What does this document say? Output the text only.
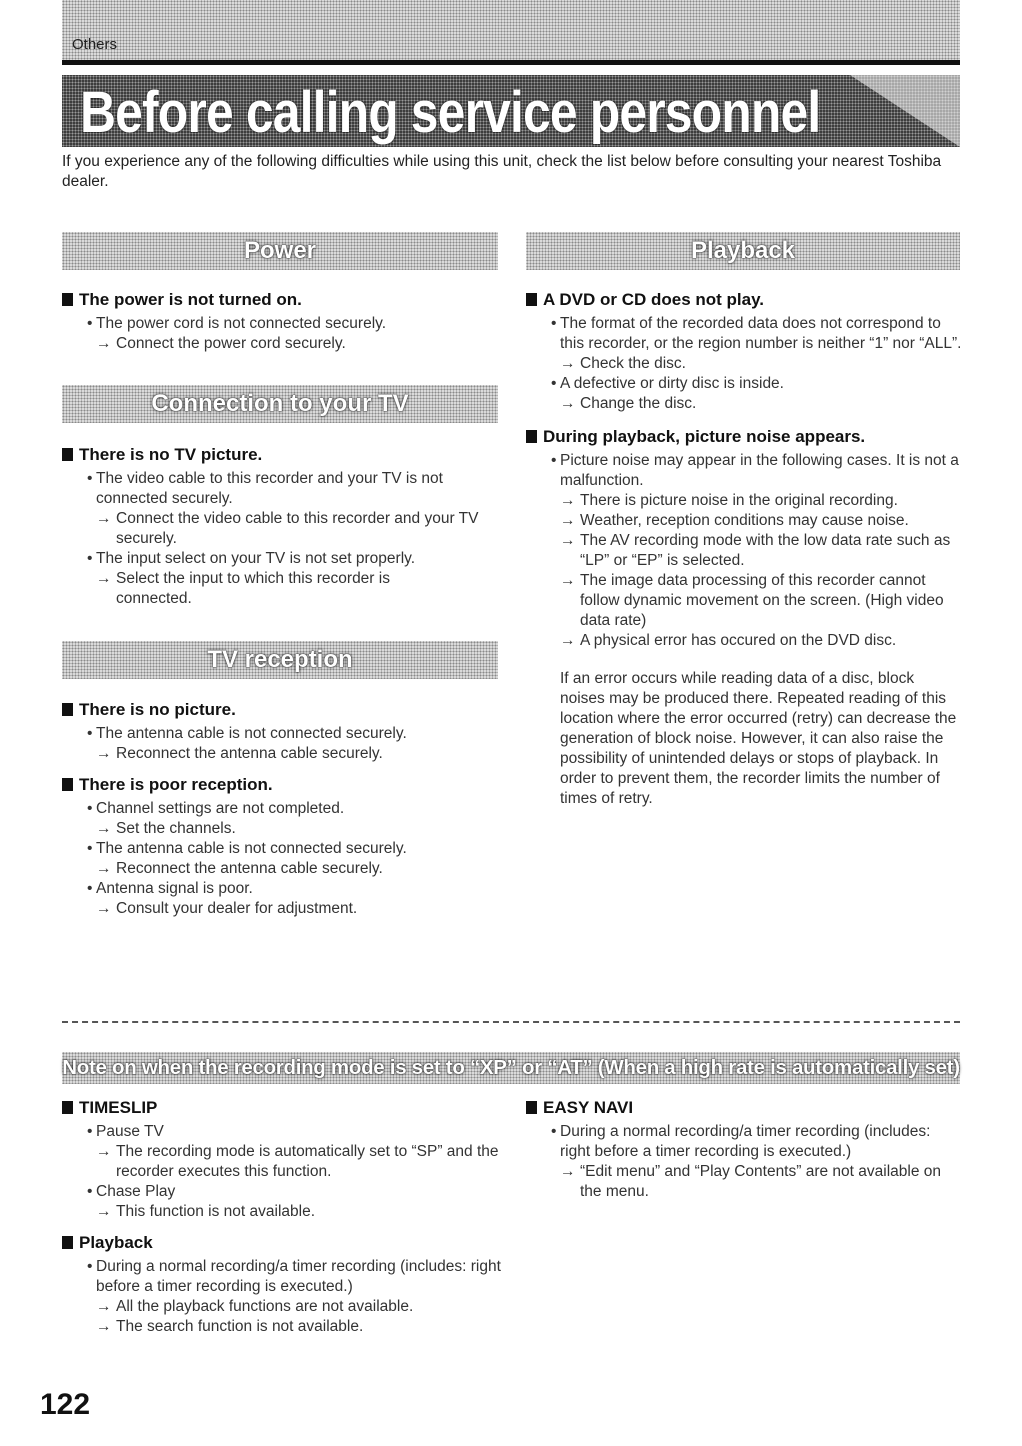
Others
Before calling service personnel

If you experience any of the following difficulties while using this unit, check the list below before consulting your nearest Toshiba dealer.

Power	Playback
Connection to your TV
TV reception

The power is not turned on.

• The power cord is not connected securely.

→ Connect the power cord securely.

There is no TV picture.

• The video cable to this recorder and your TV is not connected securely.

→ Connect the video cable to this recorder and your TV securely.

• The input select on your TV is not set properly.

→ Select the input to which this recorder is connected.

There is no picture.

• The antenna cable is not connected securely.

→ Reconnect the antenna cable securely.

There is poor reception.

• Channel settings are not completed.

→ Set the channels.

• The antenna cable is not connected securely.

→ Reconnect the antenna cable securely.

• Antenna signal is poor.

→ Consult your dealer for adjustment.

A DVD or CD does not play.

• The format of the recorded data does not correspond to this recorder, or the region number is neither “1” nor “ALL”.

→ Check the disc.

• A defective or dirty disc is inside.

→ Change the disc.

During playback, picture noise appears.

• Picture noise may appear in the following cases. It is not a malfunction.

→ There is picture noise in the original recording.

→ Weather, reception conditions may cause noise.

→ The AV recording mode with the low data rate such as “LP” or “EP” is selected.

→ The image data processing of this recorder cannot follow dynamic movement on the screen. (High video data rate)

→ A physical error has occured on the DVD disc.

If an error occurs while reading data of a disc, block noises may be produced there. Repeated reading of this location where the error occurred (retry) can decrease the generation of block noise. However, it can also raise the possibility of unintended delays or stops of playback. In order to prevent them, the recorder limits the number of times of retry.

Note on when the recording mode is set to “XP” or “AT” (When a high rate is automatically set)

TIMESLIP

• Pause TV

→ The recording mode is automatically set to “SP” and the recorder executes this function.

• Chase Play

→ This function is not available.

Playback

• During a normal recording/a timer recording (includes: right before a timer recording is executed.)

→ All the playback functions are not available.

→ The search function is not available.

EASY NAVI

• During a normal recording/a timer recording (includes: right before a timer recording is executed.)

→ “Edit menu” and “Play Contents” are not available on the menu.

122
